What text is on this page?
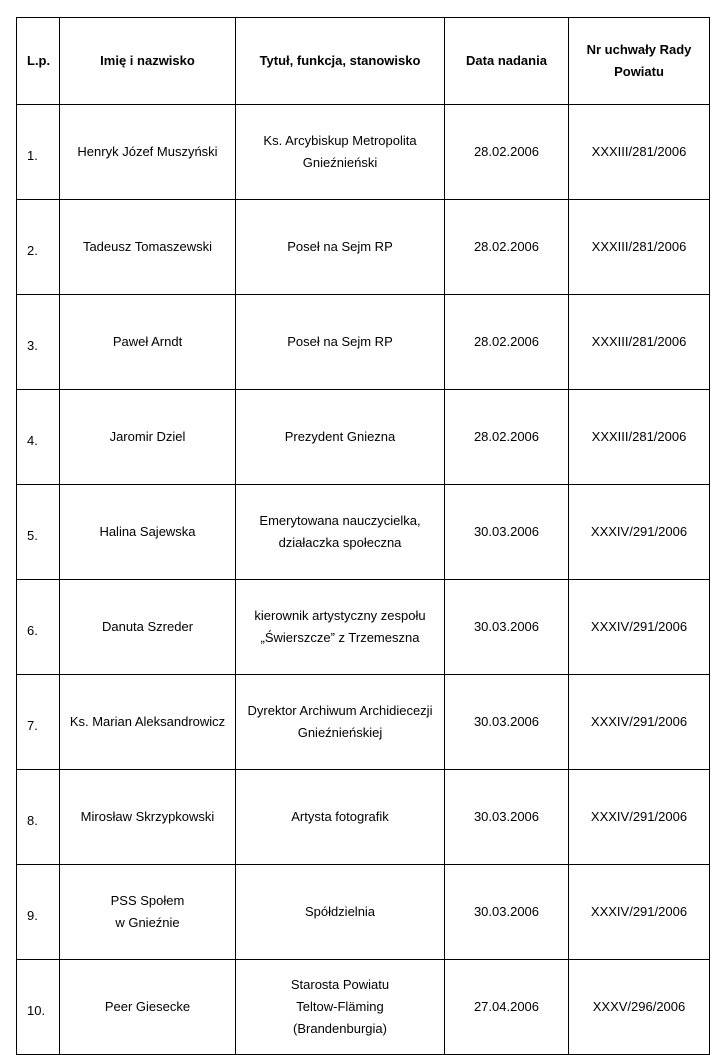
L.p.	Imię i nazwisko	Tytuł, funkcja, stanowisko	Data nadania	Nr uchwały Rady
Powiatu
1.	Henryk Józef Muszyński	Ks. Arcybiskup Metropolita
Gnieźnieński	28.02.2006	XXXIII/281/2006
2.	Tadeusz Tomaszewski	Poseł na Sejm RP	28.02.2006	XXXIII/281/2006
3.	Paweł Arndt	Poseł na Sejm RP	28.02.2006	XXXIII/281/2006
4.	Jaromir Dziel	Prezydent Gniezna	28.02.2006	XXXIII/281/2006
5.	Halina Sajewska	Emerytowana nauczycielka,
działaczka społeczna	30.03.2006	XXXIV/291/2006
6.	Danuta Szreder	kierownik artystyczny zespołu
„Świerszcze” z Trzemeszna	30.03.2006	XXXIV/291/2006
7.	Ks. Marian Aleksandrowicz	Dyrektor Archiwum Archidiecezji
Gnieźnieńskiej	30.03.2006	XXXIV/291/2006
8.	Mirosław Skrzypkowski	Artysta fotografik	30.03.2006	XXXIV/291/2006
9.	PSS Społem
w Gnieźnie	Spółdzielnia	30.03.2006	XXXIV/291/2006
10.	Peer Giesecke	Starosta Powiatu
Teltow-Fläming
(Brandenburgia)	27.04.2006	XXXV/296/2006
